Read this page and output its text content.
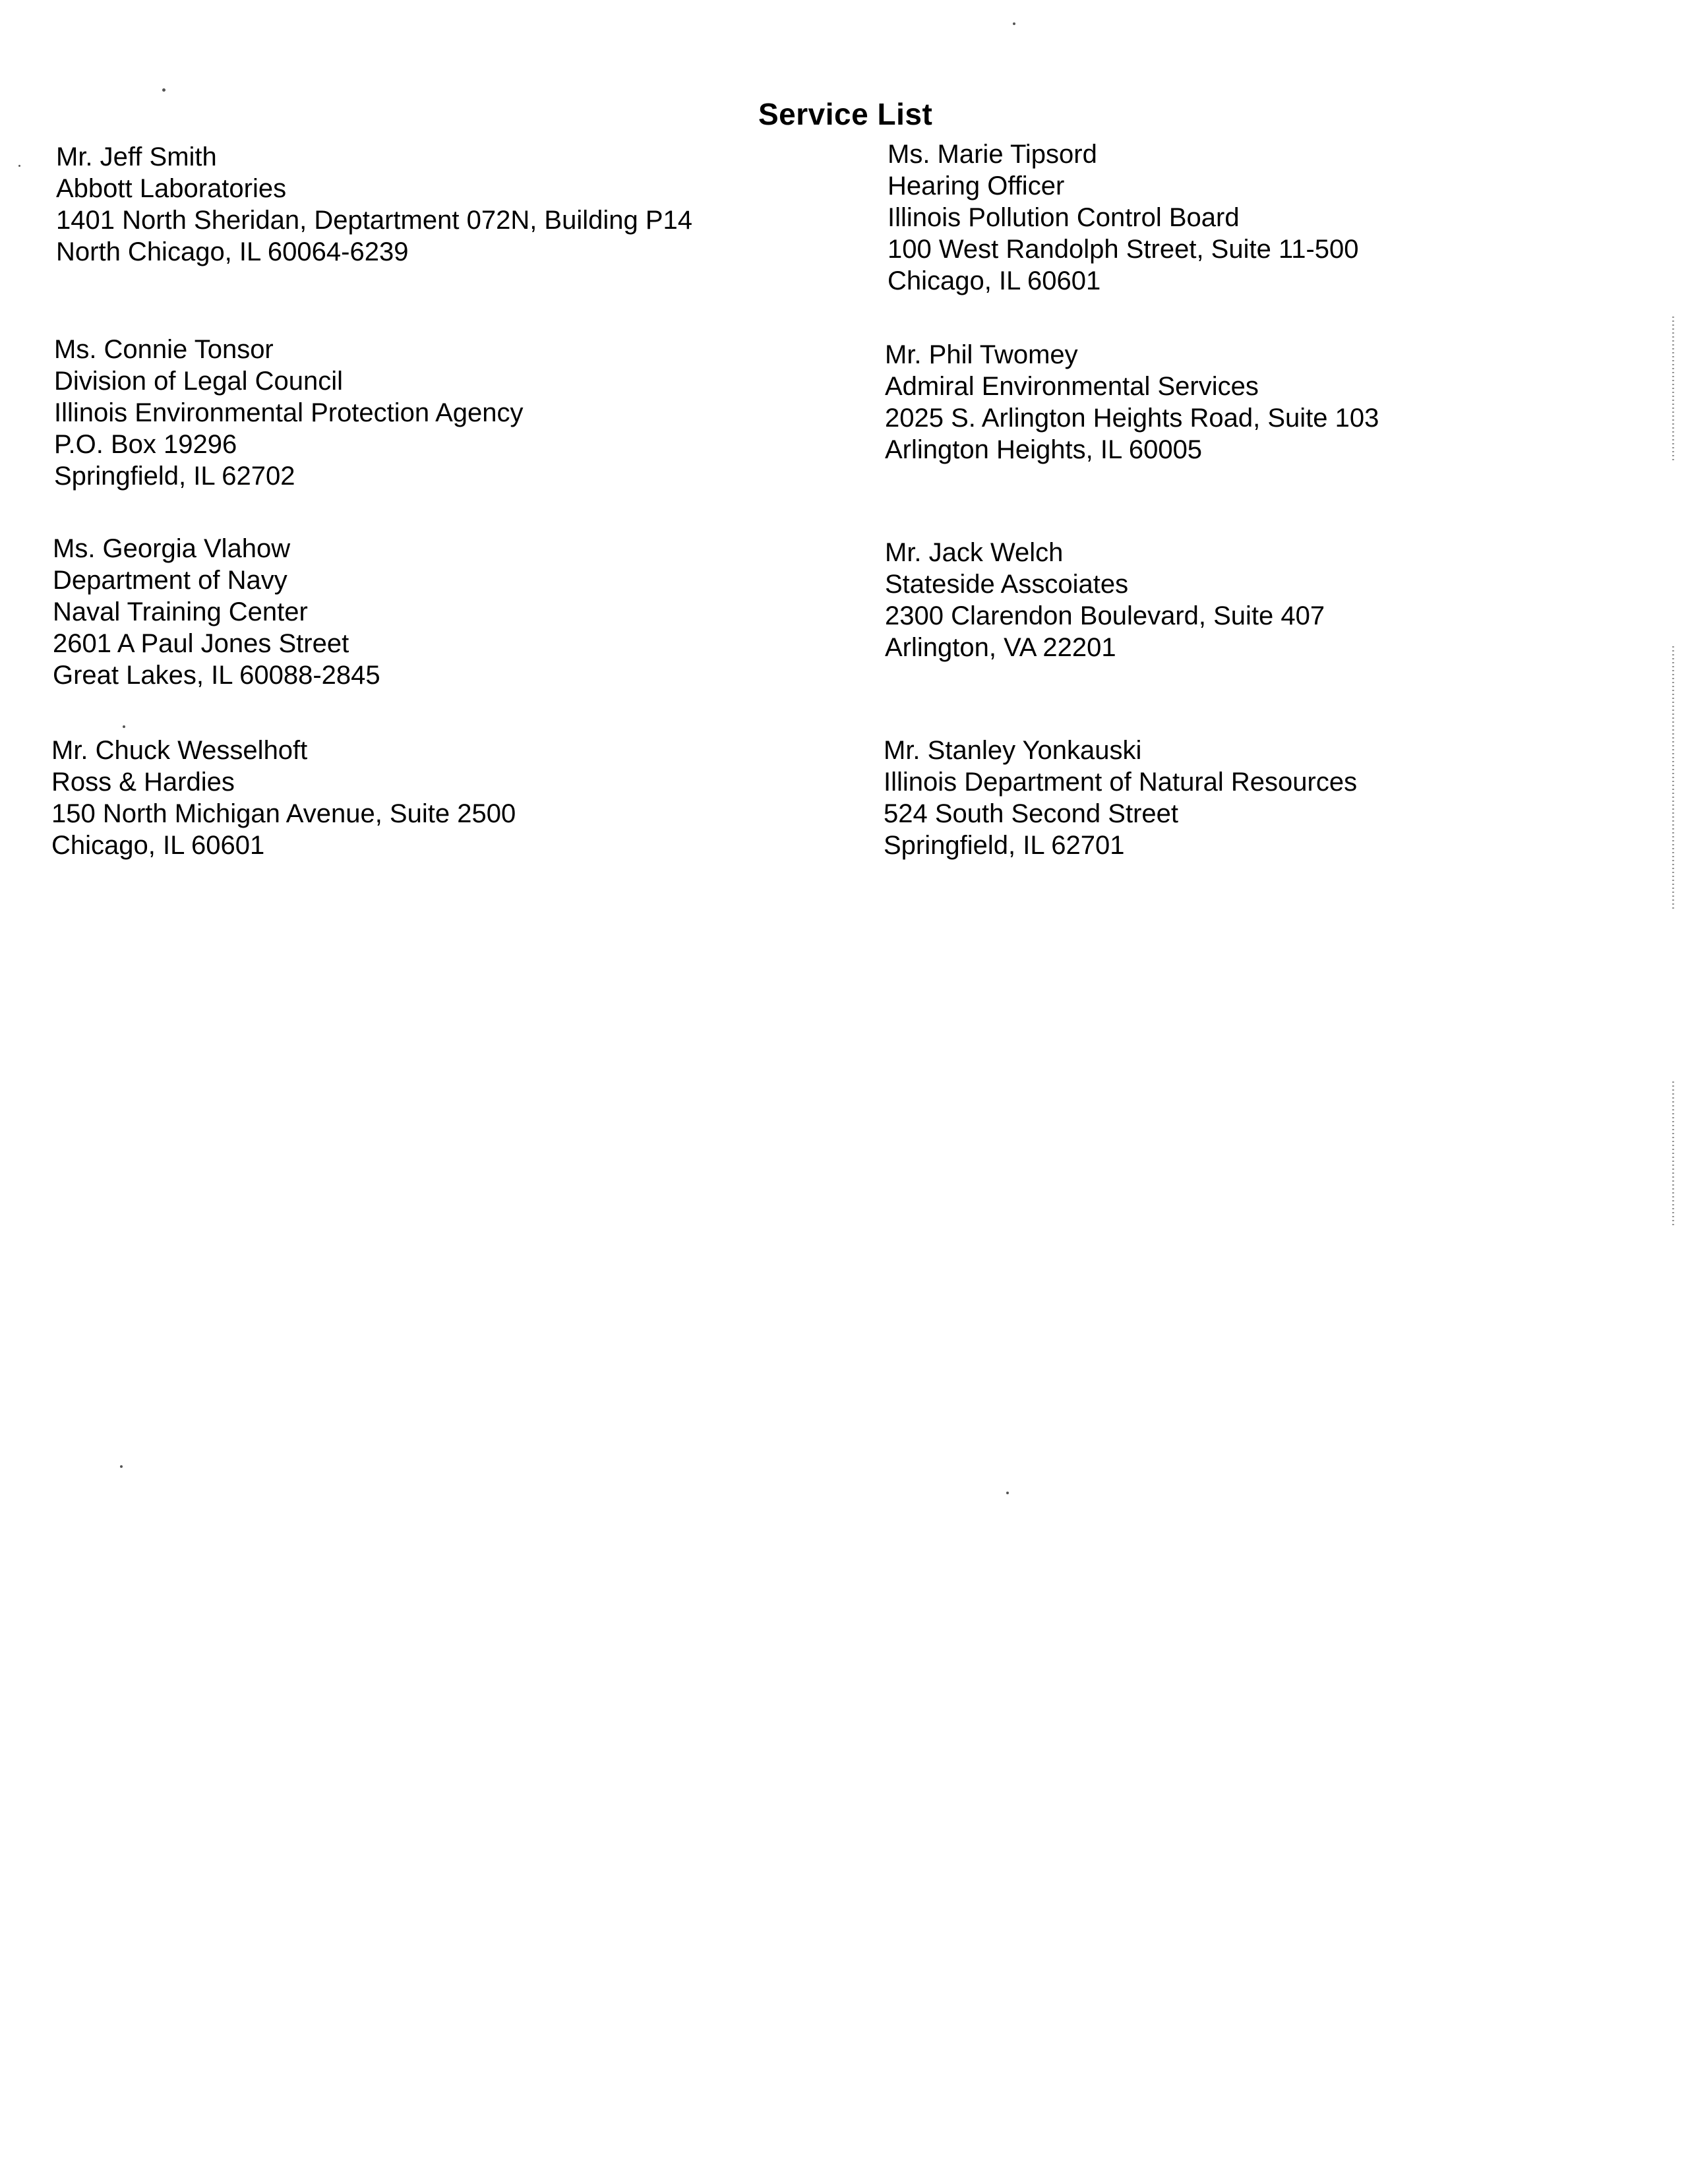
Service List
Mr. Jeff Smith
Abbott Laboratories
1401 North Sheridan, Deptartment 072N, Building P14
North Chicago, IL 60064-6239
Ms. Connie Tonsor
Division of Legal Council
Illinois Environmental Protection Agency
P.O. Box 19296
Springfield, IL 62702
Ms. Georgia Vlahow
Department of Navy
Naval Training Center
2601 A Paul Jones Street
Great Lakes, IL 60088-2845
Mr. Chuck Wesselhoft
Ross & Hardies
150 North Michigan Avenue, Suite 2500
Chicago, IL 60601
Ms. Marie Tipsord
Hearing Officer
Illinois Pollution Control Board
100 West Randolph Street, Suite 11-500
Chicago, IL 60601
Mr. Phil Twomey
Admiral Environmental Services
2025 S. Arlington Heights Road, Suite 103
Arlington Heights, IL 60005
Mr. Jack Welch
Stateside Asscoiates
2300 Clarendon Boulevard, Suite 407
Arlington, VA 22201
Mr. Stanley Yonkauski
Illinois Department of Natural Resources
524 South Second Street
Springfield, IL 62701
